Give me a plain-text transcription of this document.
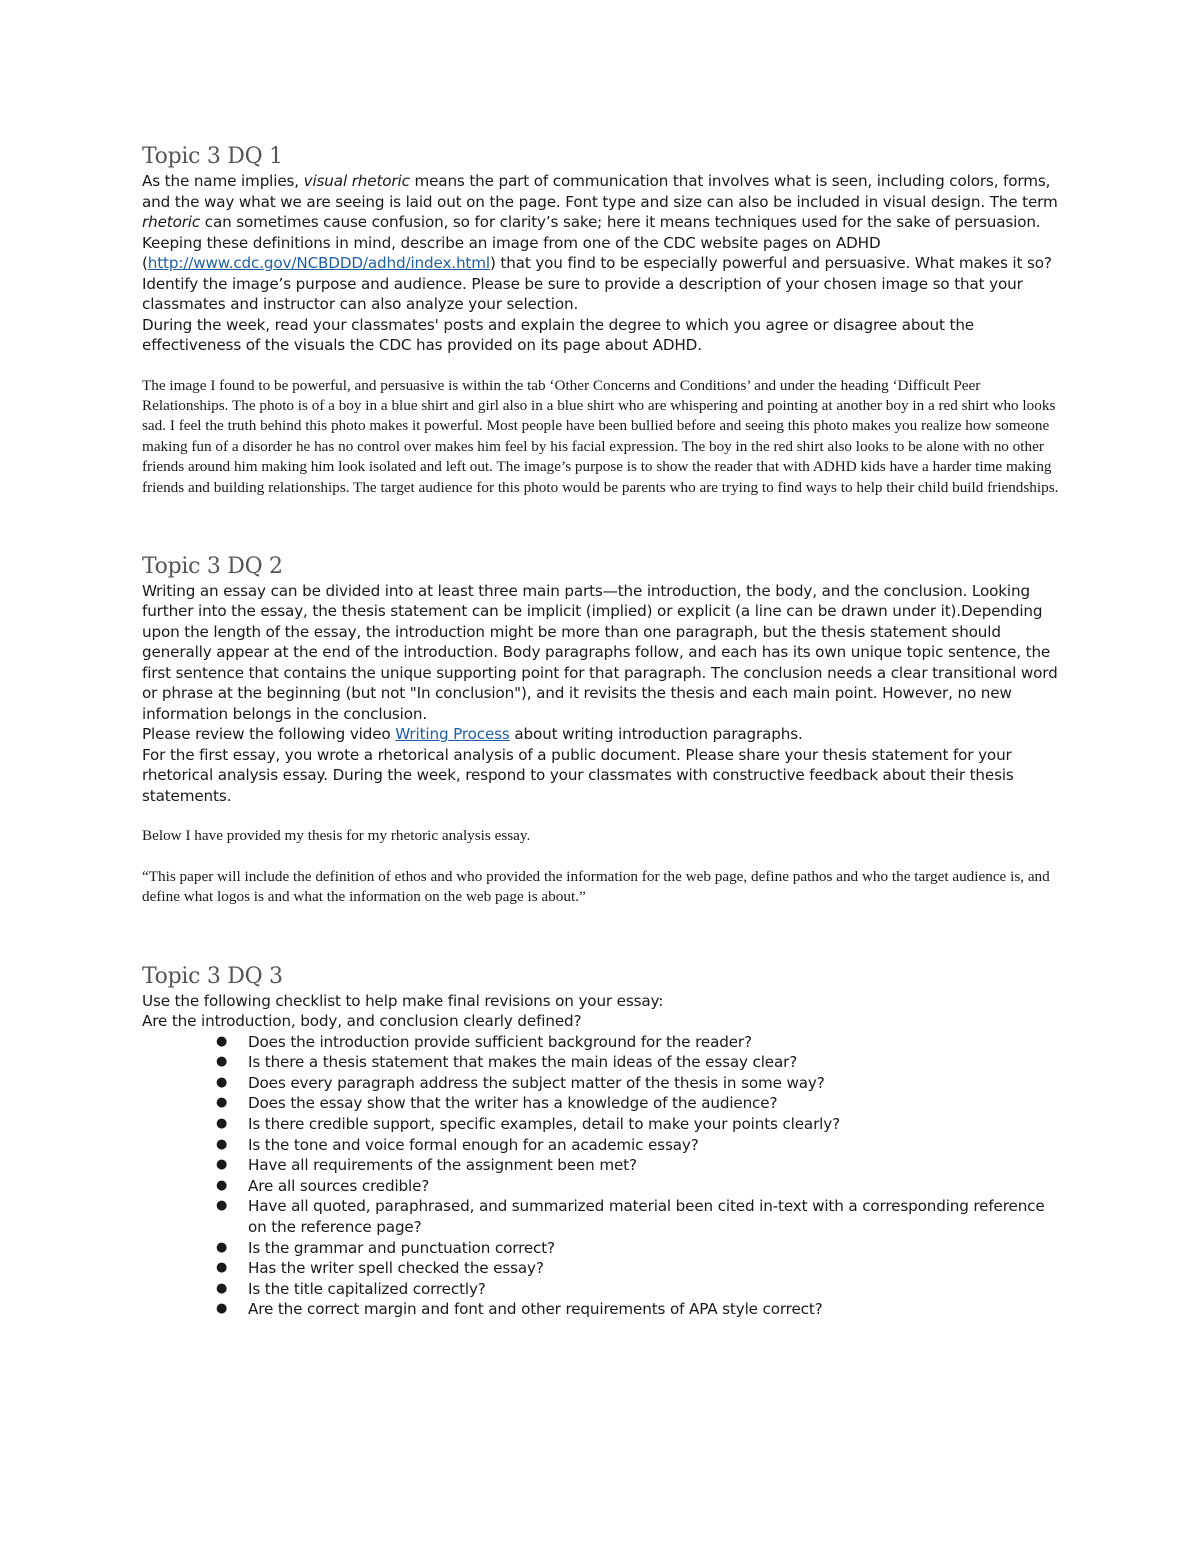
Topic 3 DQ 1

As the name implies, visual rhetoric means the part of communication that involves what is seen, including colors, forms, and the way what we are seeing is laid out on the page. Font type and size can also be included in visual design. The term rhetoric can sometimes cause confusion, so for clarity’s sake; here it means techniques used for the sake of persuasion.

Keeping these definitions in mind, describe an image from one of the CDC website pages on ADHD (http://www.cdc.gov/NCBDDD/adhd/index.html) that you find to be especially powerful and persuasive. What makes it so? Identify the image’s purpose and audience. Please be sure to provide a description of your chosen image so that your classmates and instructor can also analyze your selection.

During the week, read your classmates' posts and explain the degree to which you agree or disagree about the effectiveness of the visuals the CDC has provided on its page about ADHD.

The image I found to be powerful, and persuasive is within the tab ‘Other Concerns and Conditions’ and under the heading ‘Difficult Peer Relationships. The photo is of a boy in a blue shirt and girl also in a blue shirt who are whispering and pointing at another boy in a red shirt who looks sad. I feel the truth behind this photo makes it powerful. Most people have been bullied before and seeing this photo makes you realize how someone making fun of a disorder he has no control over makes him feel by his facial expression. The boy in the red shirt also looks to be alone with no other friends around him making him look isolated and left out. The image’s purpose is to show the reader that with ADHD kids have a harder time making friends and building relationships. The target audience for this photo would be parents who are trying to find ways to help their child build friendships.

Topic 3 DQ 2

Writing an essay can be divided into at least three main parts—the introduction, the body, and the conclusion. Looking further into the essay, the thesis statement can be implicit (implied) or explicit (a line can be drawn under it).Depending upon the length of the essay, the introduction might be more than one paragraph, but the thesis statement should generally appear at the end of the introduction. Body paragraphs follow, and each has its own unique topic sentence, the first sentence that contains the unique supporting point for that paragraph. The conclusion needs a clear transitional word or phrase at the beginning (but not "In conclusion"), and it revisits the thesis and each main point. However, no new information belongs in the conclusion.

Please review the following video Writing Process about writing introduction paragraphs.

For the first essay, you wrote a rhetorical analysis of a public document. Please share your thesis statement for your rhetorical analysis essay. During the week, respond to your classmates with constructive feedback about their thesis statements.

Below I have provided my thesis for my rhetoric analysis essay.

“This paper will include the definition of ethos and who provided the information for the web page, define pathos and who the target audience is, and define what logos is and what the information on the web page is about.”

Topic 3 DQ 3

Use the following checklist to help make final revisions on your essay:

Are the introduction, body, and conclusion clearly defined?

● Does the introduction provide sufficient background for the reader?
● Is there a thesis statement that makes the main ideas of the essay clear?
● Does every paragraph address the subject matter of the thesis in some way?
● Does the essay show that the writer has a knowledge of the audience?
● Is there credible support, specific examples, detail to make your points clearly?
● Is the tone and voice formal enough for an academic essay?
● Have all requirements of the assignment been met?
● Are all sources credible?
● Have all quoted, paraphrased, and summarized material been cited in-text with a corresponding reference on the reference page?
● Is the grammar and punctuation correct?
● Has the writer spell checked the essay?
● Is the title capitalized correctly?
● Are the correct margin and font and other requirements of APA style correct?
